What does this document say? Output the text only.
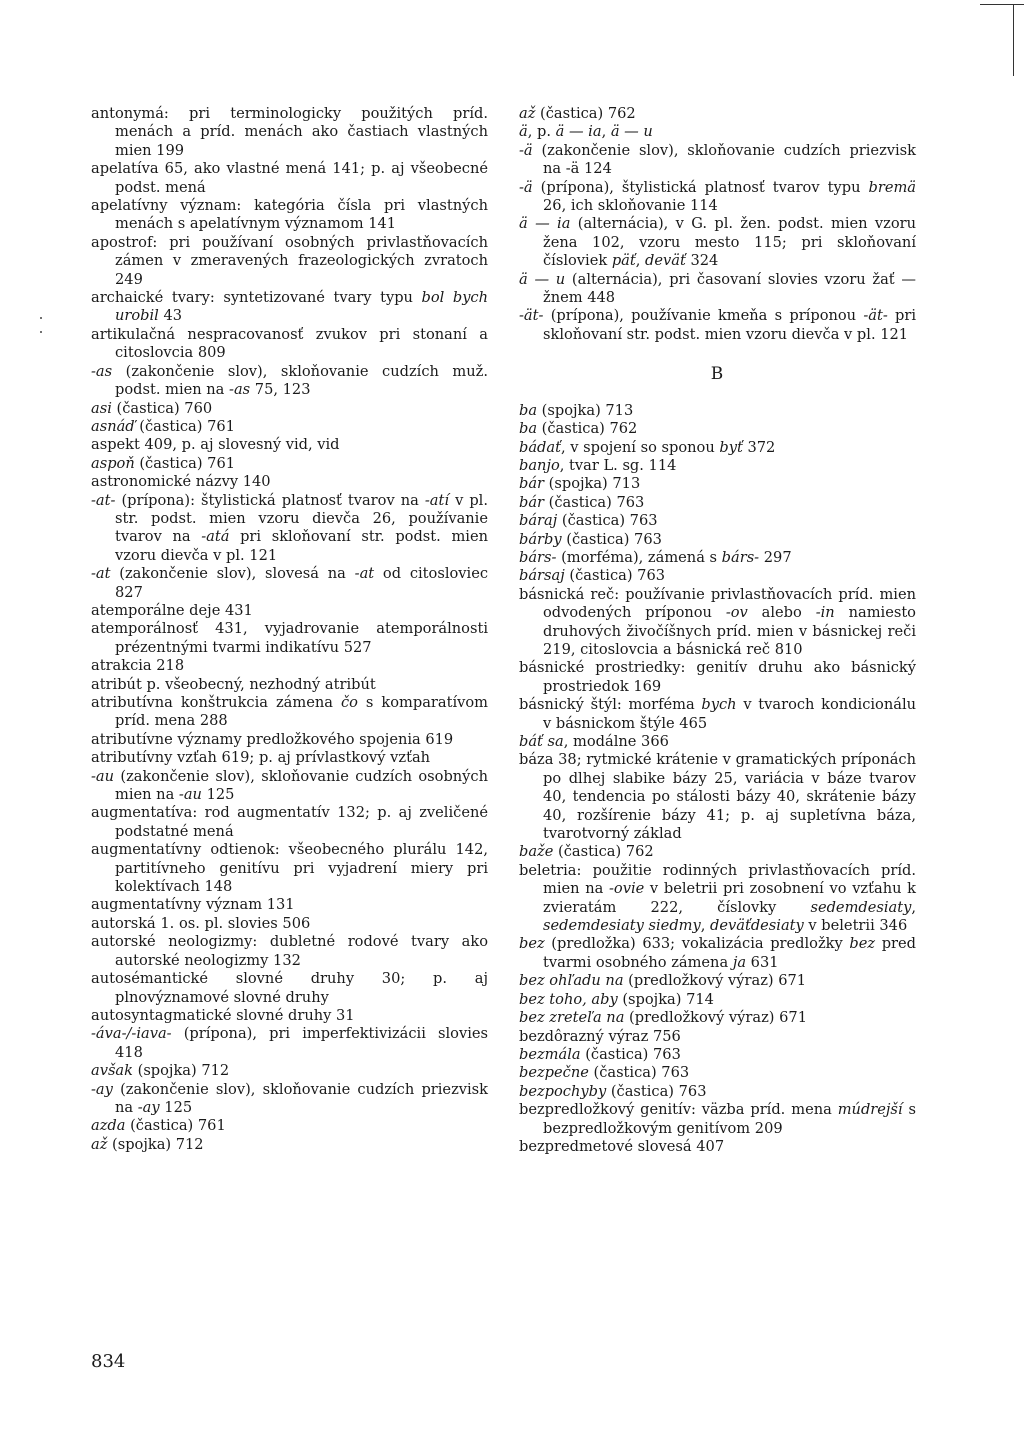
antonymá: pri terminologicky použitých príd. menách a príd. menách ako častiach vlastných mien 199

apelatíva 65, ako vlastné mená 141; p. aj všeobecné podst. mená

apelatívny význam: kategória čísla pri vlastných menách s apelatívnym významom 141

apostrof: pri používaní osobných privlastňovacích zámen v zmeravených frazeologických zvratoch 249

archaické tvary: syntetizované tvary typu bol bych urobil 43

artikulačná nespracovanosť zvukov pri stonaní a citoslovcia 809

-as (zakončenie slov), skloňovanie cudzích muž. podst. mien na -as 75, 123

asi (častica) 760

asnáď (častica) 761

aspekt 409, p. aj slovesný vid, vid

aspoň (častica) 761

astronomické názvy 140

-at- (prípona): štylistická platnosť tvarov na -atí v pl. str. podst. mien vzoru dievča 26, používanie tvarov na -atá pri skloňovaní str. podst. mien vzoru dievča v pl. 121

-at (zakončenie slov), slovesá na -at od citosloviec 827

atemporálne deje 431

atemporálnosť 431, vyjadrovanie atemporálnosti prézentnými tvarmi indikatívu 527

atrakcia 218

atribút p. všeobecný, nezhodný atribút

atributívna konštrukcia zámena čo s komparatívom príd. mena 288

atributívne významy predložkového spojenia 619

atributívny vzťah 619; p. aj prívlastkový vzťah

-au (zakončenie slov), skloňovanie cudzích osobných mien na -au 125

augmentatíva: rod augmentatív 132; p. aj zveličené podstatné mená

augmentatívny odtienok: všeobecného plurálu 142, partitívneho genitívu pri vyjadrení miery pri kolektívach 148

augmentatívny význam 131

autorská 1. os. pl. slovies 506

autorské neologizmy: dubletné rodové tvary ako autorské neologizmy 132

autosémantické slovné druhy 30; p. aj plnovýznamové slovné druhy

autosyntagmatické slovné druhy 31

-áva-/-iava- (prípona), pri imperfektivizácii slovies 418

avšak (spojka) 712

-ay (zakončenie slov), skloňovanie cudzích priezvisk na -ay 125

azda (častica) 761

až (spojka) 712

až (častica) 762

ä, p. ä — ia, ä — u

-ä (zakončenie slov), skloňovanie cudzích priezvisk na -ä 124

-ä (prípona), štylistická platnosť tvarov typu bremä 26, ich skloňovanie 114

ä — ia (alternácia), v G. pl. žen. podst. mien vzoru žena 102, vzoru mesto 115; pri skloňovaní čísloviek päť, deväť 324

ä — u (alternácia), pri časovaní slovies vzoru žať — žnem 448

-ät- (prípona), používanie kmeňa s príponou -ät- pri skloňovaní str. podst. mien vzoru dievča v pl. 121

B

ba (spojka) 713

ba (častica) 762

bádať, v spojení so sponou byť 372

banjo, tvar L. sg. 114

bár (spojka) 713

bár (častica) 763

báraj (častica) 763

bárby (častica) 763

bárs- (morféma), zámená s bárs- 297

bársaj (častica) 763

básnická reč: používanie privlastňovacích príd. mien odvodených príponou -ov alebo -in namiesto druhových živočíšnych príd. mien v básnickej reči 219, citoslovcia a básnická reč 810

básnické prostriedky: genitív druhu ako básnický prostriedok 169

básnický štýl: morféma bych v tvaroch kondicionálu v básnickom štýle 465

báť sa, modálne 366

báza 38; rytmické krátenie v gramatických príponách po dlhej slabike bázy 25, variácia v báze tvarov 40, tendencia po stálosti bázy 40, skrátenie bázy 40, rozšírenie bázy 41; p. aj supletívna báza, tvarotvorný základ

baže (častica) 762

beletria: použitie rodinných privlastňovacích príd. mien na -ovie v beletrii pri zosobnení vo vzťahu k zvieratám 222, číslovky sedemdesiaty, sedemdesiaty siedmy, deväťdesiaty v beletrii 346

bez (predložka) 633; vokalizácia predložky bez pred tvarmi osobného zámena ja 631

bez ohľadu na (predložkový výraz) 671

bez toho, aby (spojka) 714

bez zreteľa na (predložkový výraz) 671

bezdôrazný výraz 756

bezmála (častica) 763

bezpečne (častica) 763

bezpochyby (častica) 763

bezpredložkový genitív: väzba príd. mena múdrejší s bezpredložkovým genitívom 209

bezpredmetové slovesá 407

834
